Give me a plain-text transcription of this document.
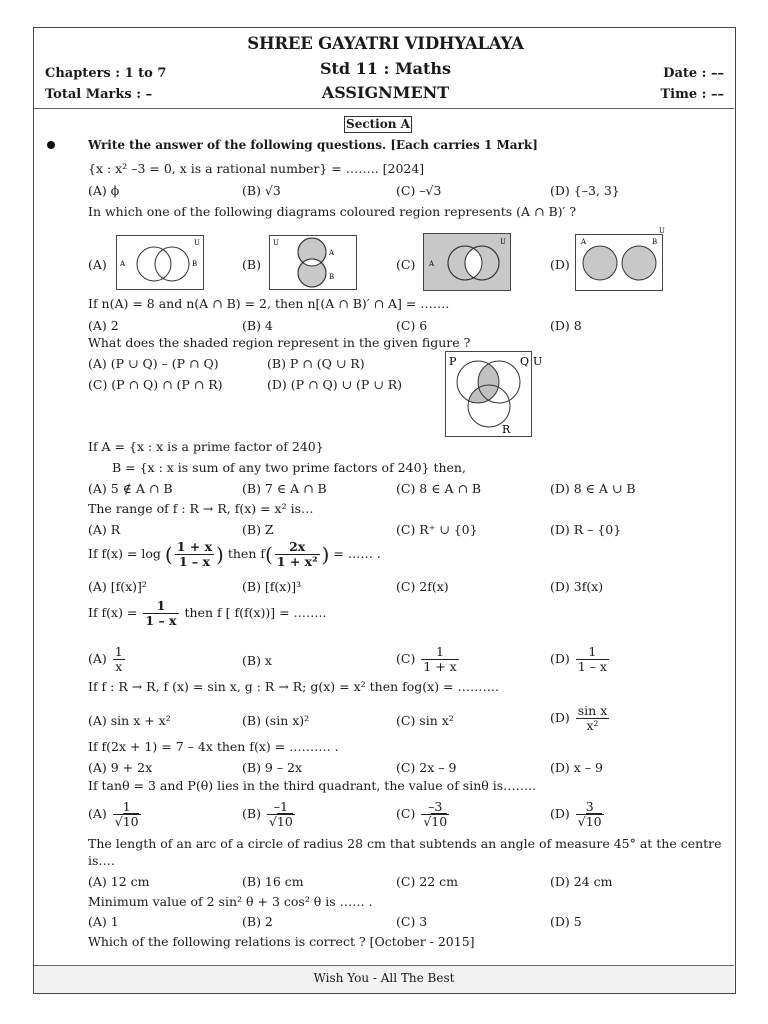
SHREE GAYATRI VIDHYALAYA
Std 11 : Maths
ASSIGNMENT
Chapters : 1 to 7
Total Marks : –
Date : ––
Time : ––
Section A
Write the answer of the following questions. [Each carries 1 Mark]
{x : x² –3 = 0, x is a rational number} = …….. [2024]
(A) ϕ	(B) √3	(C) –√3	(D) {–3, 3}
In which one of the following diagrams coloured region represents (A ∩ B)′ ?
(A)	(B)	(C)	(D)
A	B
U	U
A
B
A
U
U
A	B
If n(A) = 8 and n(A ∩ B) = 2, then n[(A ∩ B)′ ∩ A] = …….
(A) 2	(B) 4	(C) 6	(D) 8
What does the shaded region represent in the given figure ?
(A) (P ∪ Q) – (P ∩ Q)	(B) P ∩ (Q ∪ R)
(C) (P ∩ Q) ∩ (P ∩ R)	(D) (P ∩ Q) ∪ (P ∪ R)
P	Q U
R
If A = {x : x is a prime factor of 240}
B = {x : x is sum of any two prime factors of 240} then,
(A) 5 ∉ A ∩ B	(B) 7 ∈ A ∩ B	(C) 8 ∈ A ∩ B	(D) 8 ∈ A ∪ B
The range of f : R → R, f(x) = x² is…
(A) R	(B) Z	(C) R⁺ ∪ {0}	(D) R – {0}
If f(x) = log ( $\frac{1 + x}{1 - x}$ ) then $f( \frac{2x}{\text{1 + x²}}$ ) = …… .
(A) [f(x)]²	(B) [f(x)]³	(C) 2f(x)	(D) 3f(x)
If $f(x) = \frac{1}{1 - x}$ then f [ f(f(x))] = ……..
$(A) \frac{1}{x}$	(B) x	$(C) \frac{1}{1 + x}$	$(D) \frac{1}{1 - x}$
If f : R → R, f (x) = sin x, g : R → R; g(x) = x² then fog(x) = ……….
(A) sin x + x²	(B) (sin x)²	(C) sin x²	$(D) \frac{\text{sin x}}{\text{x²}}$
If f(2x + 1) = 7 – 4x then f(x) = ………. .
(A) 9 + 2x	(B) 9 – 2x	(C) 2x – 9	(D) x – 9
If tanθ = 3 and P(θ) lies in the third quadrant, the value of sinθ is……..
$(A) \frac{1}{√10}$	$(B) \frac{-1}{√10}$	$(C) \frac{-3}{√10}$	$(D) \frac{3}{√10}$
The length of an arc of a circle of radius 28 cm that subtends an angle of measure 45° at the centre
is….
(A) 12 cm	(B) 16 cm	(C) 22 cm	(D) 24 cm
Minimum value of 2 sin² θ + 3 cos² θ is …… .
(A) 1	(B) 2	(C) 3	(D) 5
Which of the following relations is correct ? [October - 2015]
Wish You - All The Best
